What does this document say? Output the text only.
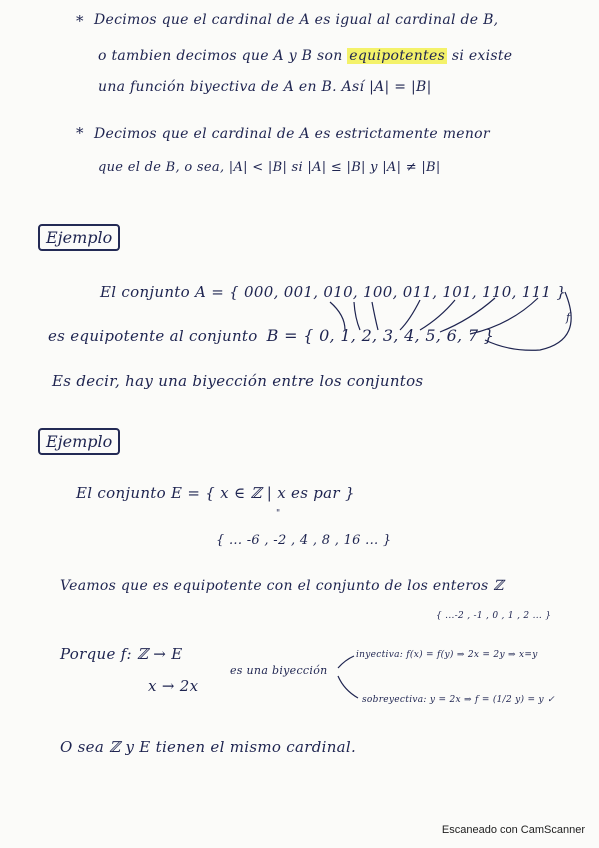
* Decimos que el cardinal de A es igual al cardinal de B,
o tambien decimos que A y B son equipotentes si existe
una función biyectiva de A en B. Así |A| = |B|
* Decimos que el cardinal de A es estrictamente menor
que el de B, o sea, |A| < |B| si |A| ≤ |B| y |A| ≠ |B|
Ejemplo
El conjunto A = { 000, 001, 010, 100, 011, 101, 110, 111 }
es equipotente al conjunto B = { 0, 1, 2, 3, 4, 5, 6, 7 }
f
Es decir, hay una biyección entre los conjuntos
Ejemplo
El conjunto E = { x ∈ ℤ | x es par }
"
{ ... -6 , -2 , 4 , 8 , 16 ... }
Veamos que es equipotente con el conjunto de los enteros ℤ
{ ...-2 , -1 , 0 , 1 , 2 ... }
Porque f: ℤ → E
x → 2x
es una biyección
inyectiva: f(x) = f(y) ⇒ 2x = 2y ⇒ x=y
sobreyectiva: y = 2x ⇒ f = (1/2 y) = y ✓
O sea ℤ y E tienen el mismo cardinal.
Escaneado con CamScanner
